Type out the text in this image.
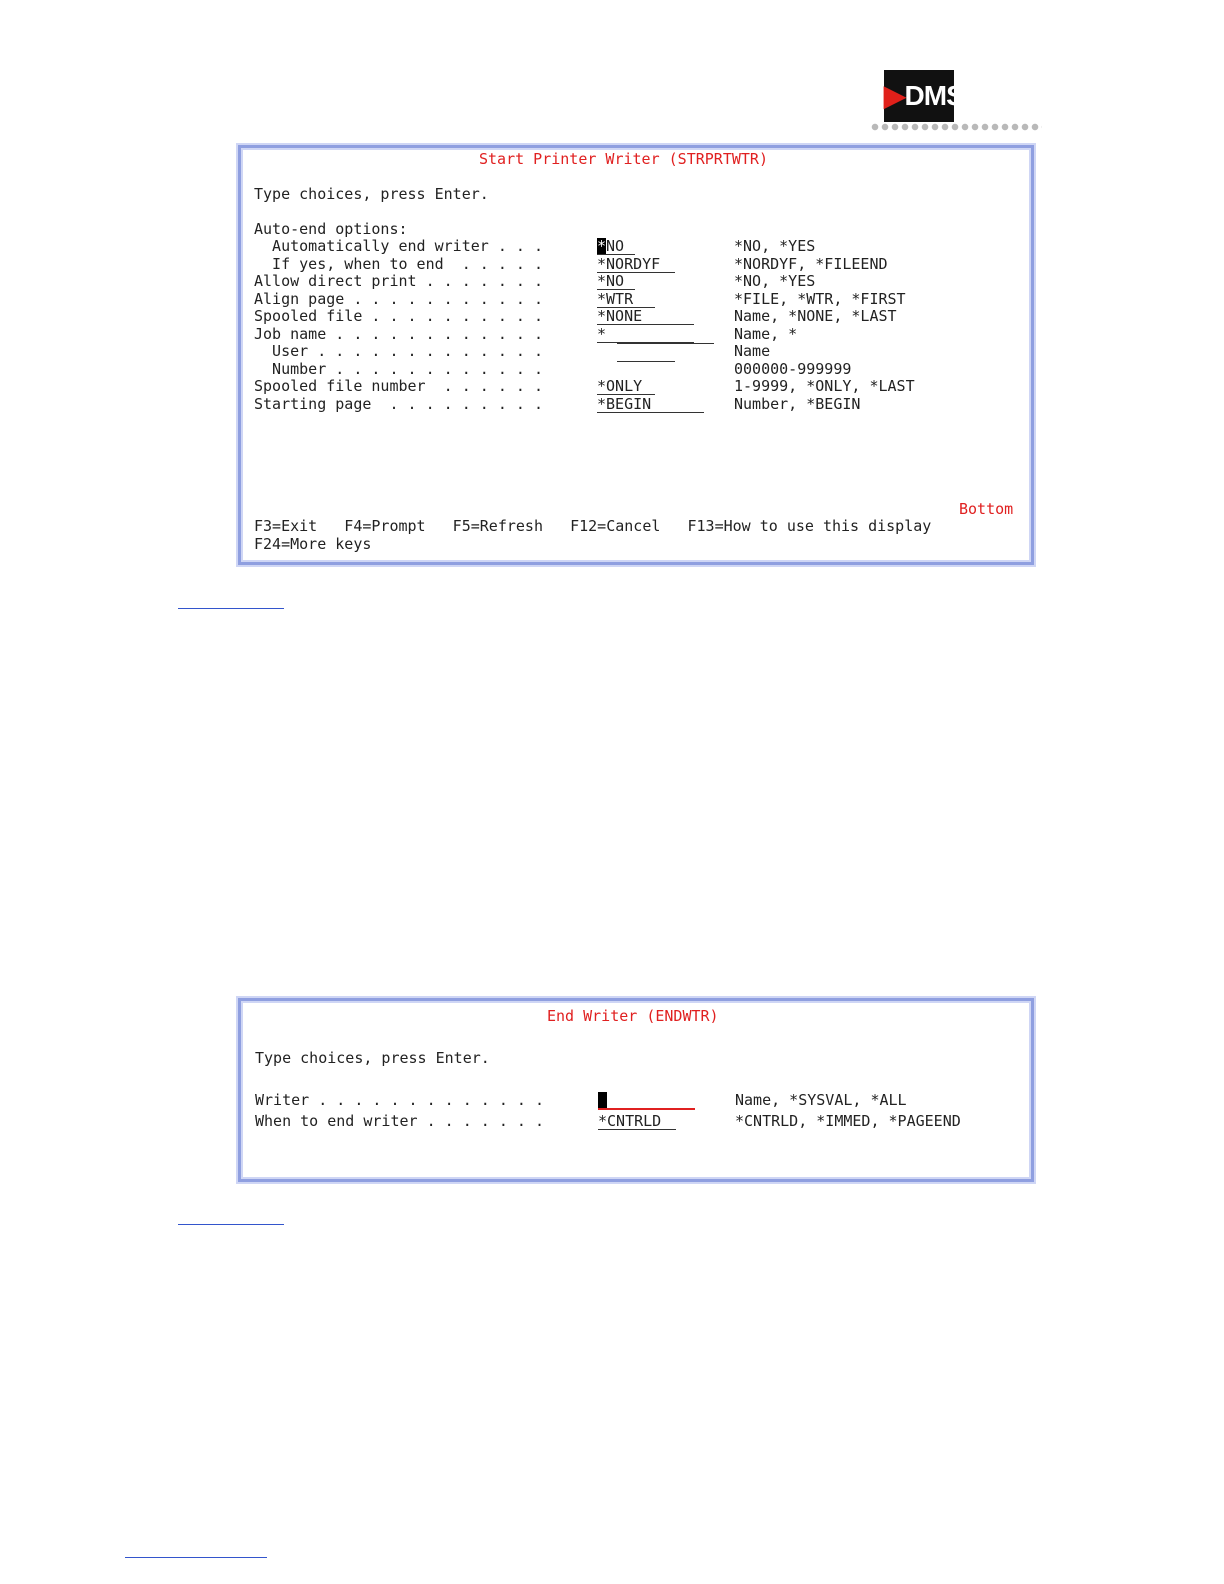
▶DMS
Start Printer Writer (STRPRTWTR)
Type choices, press Enter.
Auto-end options:
Automatically end writer . . .
If yes, when to end  . . . . .
Allow direct print . . . . . . .
Align page . . . . . . . . . . .
Spooled file . . . . . . . . . .
Job name . . . . . . . . . . . .
User . . . . . . . . . . . . .
Number . . . . . . . . . . . .
Spooled file number  . . . . . .
Starting page  . . . . . . . . .
*NO
*NORDYF
*NO
*WTR
*NONE
*
*ONLY
*BEGIN
*NO, *YES
*NORDYF, *FILEEND
*NO, *YES
*FILE, *WTR, *FIRST
Name, *NONE, *LAST
Name, *
Name
000000-999999
1-9999, *ONLY, *LAST
Number, *BEGIN
Bottom
F3=Exit   F4=Prompt   F5=Refresh   F12=Cancel   F13=How to use this display
F24=More keys
End Writer (ENDWTR)
Type choices, press Enter.
Writer . . . . . . . . . . . . .
When to end writer . . . . . . .	*CNTRLD
Name, *SYSVAL, *ALL
*CNTRLD, *IMMED, *PAGEEND
